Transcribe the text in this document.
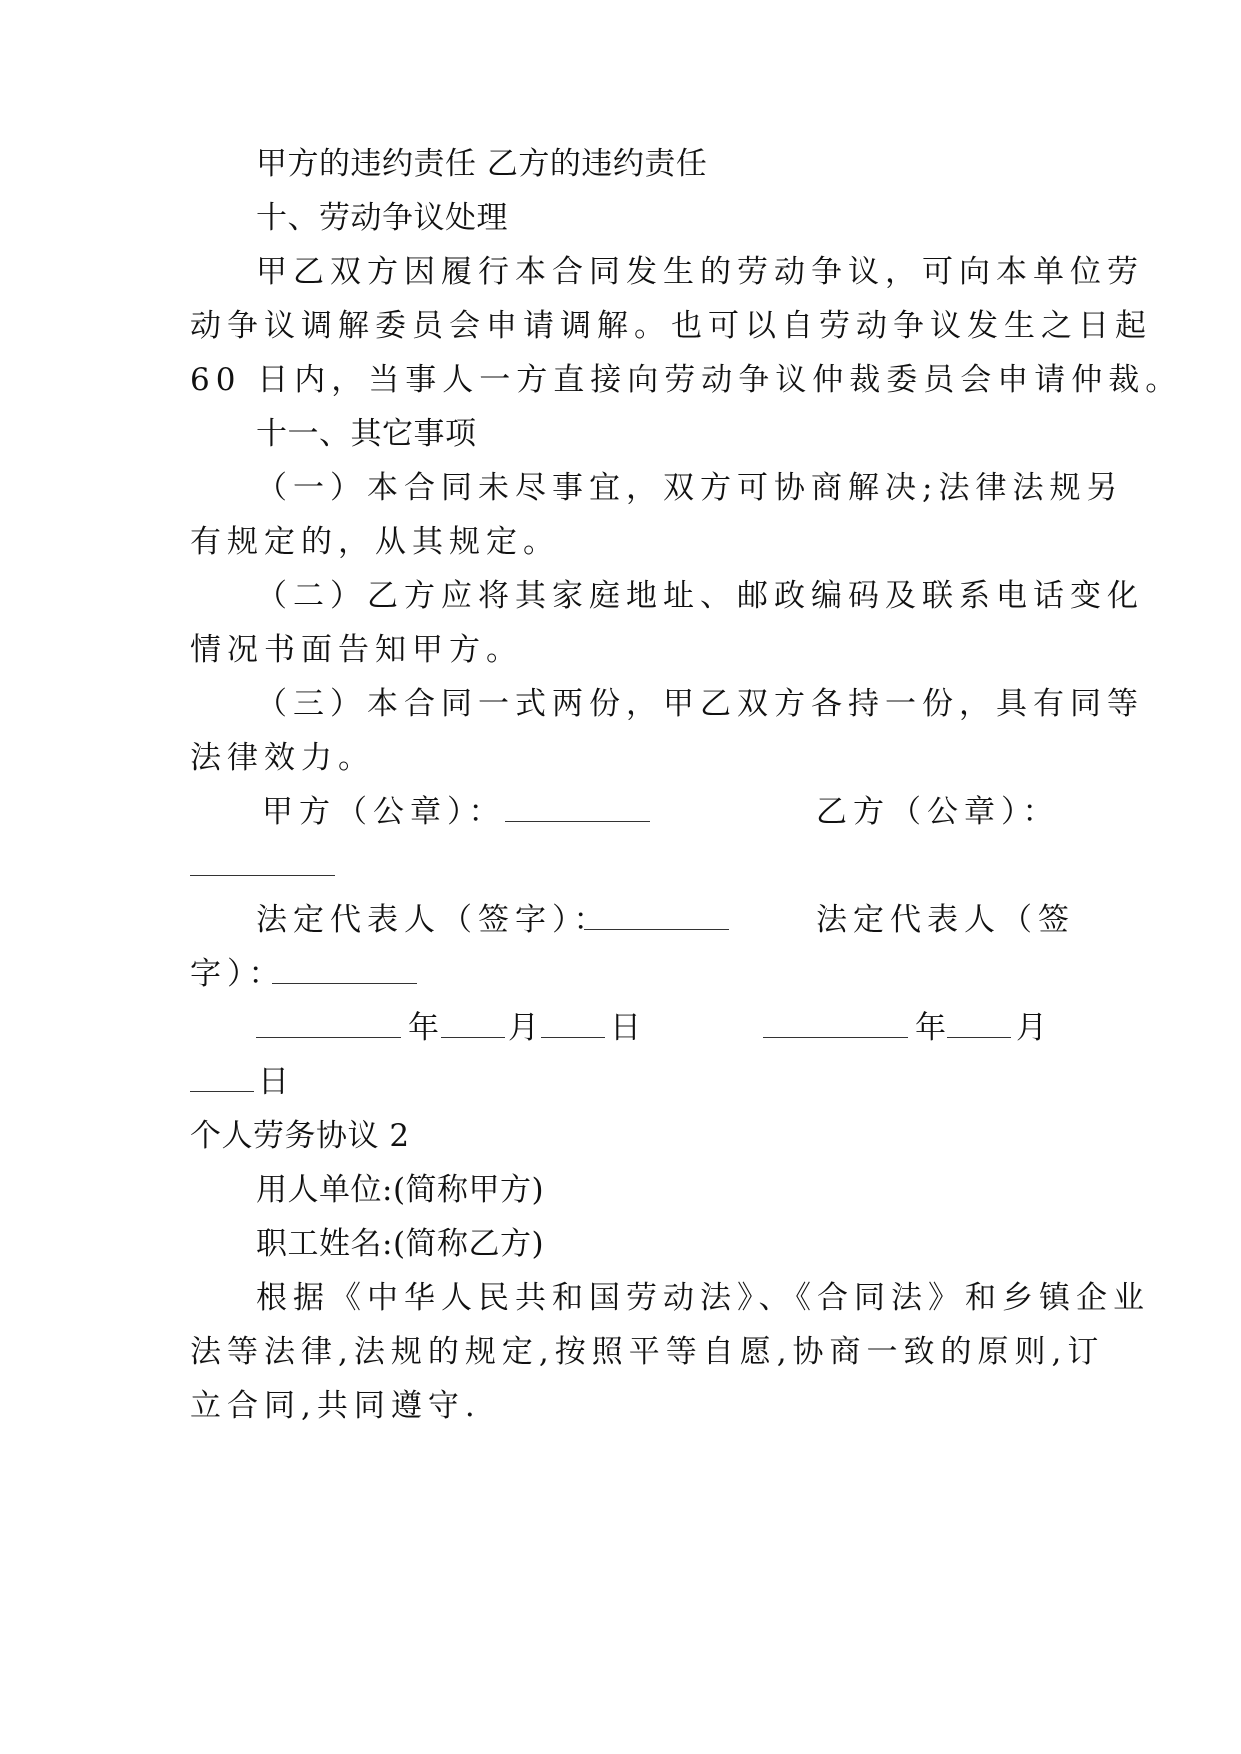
甲方的违约责任 乙方的违约责任
十、劳动争议处理
甲乙双方因履行本合同发生的劳动争议，可向本单位劳
动争议调解委员会申请调解。也可以自劳动争议发生之日起
60 日内，当事人一方直接向劳动争议仲裁委员会申请仲裁。
十一、其它事项
（一）本合同未尽事宜，双方可协商解决;法律法规另
有规定的，从其规定。
（二）乙方应将其家庭地址、邮政编码及联系电话变化
情况书面告知甲方。
（三）本合同一式两份，甲乙双方各持一份，具有同等
法律效力。
甲方（公章）：	乙方（公章）：
法定代表人（签字）：	法定代表人（签
字）：
年 月 日	年 月
日
个人劳务协议 2
用人单位:(简称甲方)
职工姓名:(简称乙方)
根据《中华人民共和国劳动法》、《合同法》和乡镇企业
法等法律,法规的规定,按照平等自愿,协商一致的原则,订
立合同,共同遵守.
